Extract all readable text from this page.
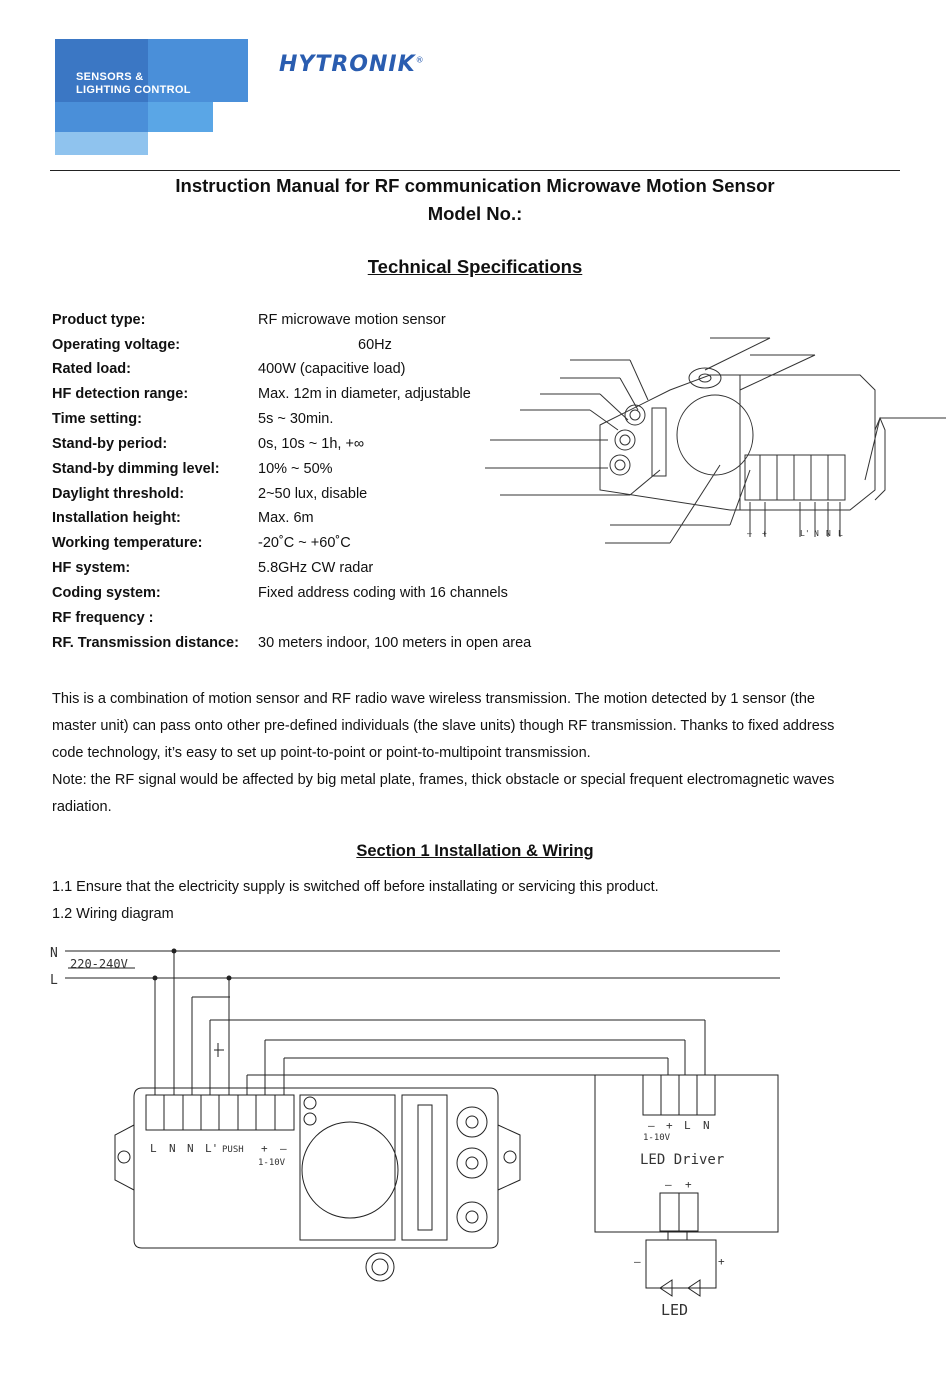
SENSORS &
LIGHTING CONTROL
HYTRONIK®
Instruction Manual for RF communication Microwave Motion Sensor
Model No.:
Technical Specifications
Product type:	RF microwave motion sensor
Operating voltage:	60Hz
Rated load:	400W (capacitive load)
HF detection range:	Max. 12m in diameter, adjustable
Time setting:	5s ~ 30min.
Stand-by period:	0s, 10s ~ 1h, +∞
Stand-by dimming level:	10% ~ 50%
Daylight threshold:	2~50 lux, disable
Installation height:	Max. 6m
Working temperature:	-20˚C ~ +60˚C
HF system:	5.8GHz CW radar
Coding system:	Fixed address coding with 16 channels
RF frequency :
RF. Transmission distance: 30 meters indoor, 100 meters in open area
– +	L' N N L
This is a combination of motion sensor and RF radio wave wireless transmission. The motion detected by 1 sensor (the
master unit) can pass onto other pre-defined individuals (the slave units) though RF transmission. Thanks to fixed address
code technology, it’s easy to set up point-to-point or point-to-multipoint transmission.
Note: the RF signal would be affected by big metal plate, frames, thick obstacle or special frequent electromagnetic waves
radiation.
Section 1 Installation & Wiring
1.1 Ensure that the electricity supply is switched off before installating or servicing this product.
1.2 Wiring diagram
N
L
220-240V
L N N L' PUSH + –
1-10V
– + L N
1-10V
– +
–	+
LED Driver
LED
